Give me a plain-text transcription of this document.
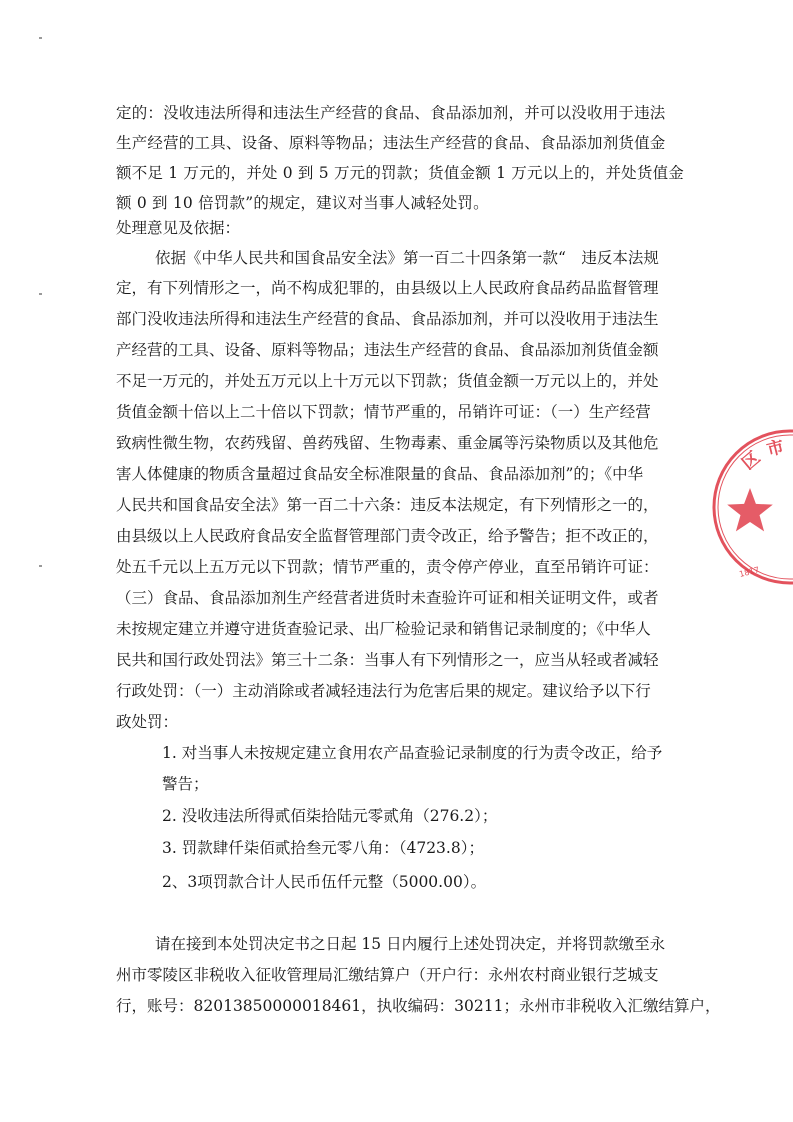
定的：没收违法所得和违法生产经营的食品、食品添加剂，并可以没收用于违法
生产经营的工具、设备、原料等物品；违法生产经营的食品、食品添加剂货值金
额不足 1 万元的，并处 0 到 5 万元的罚款；货值金额 1 万元以上的，并处货值金
额 0 到 10 倍罚款”的规定，建议对当事人减轻处罚。
处理意见及依据：
依据《中华人民共和国食品安全法》第一百二十四条第一款“　违反本法规
定，有下列情形之一，尚不构成犯罪的，由县级以上人民政府食品药品监督管理
部门没收违法所得和违法生产经营的食品、食品添加剂，并可以没收用于违法生
产经营的工具、设备、原料等物品；违法生产经营的食品、食品添加剂货值金额
不足一万元的，并处五万元以上十万元以下罚款；货值金额一万元以上的，并处
货值金额十倍以上二十倍以下罚款；情节严重的，吊销许可证：（一）生产经营
致病性微生物，农药残留、兽药残留、生物毒素、重金属等污染物质以及其他危
害人体健康的物质含量超过食品安全标准限量的食品、食品添加剂”的；《中华
人民共和国食品安全法》第一百二十六条：违反本法规定，有下列情形之一的，
由县级以上人民政府食品安全监督管理部门责令改正，给予警告；拒不改正的，
处五千元以上五万元以下罚款；情节严重的，责令停产停业，直至吊销许可证：
（三）食品、食品添加剂生产经营者进货时未查验许可证和相关证明文件，或者
未按规定建立并遵守进货查验记录、出厂检验记录和销售记录制度的；《中华人
民共和国行政处罚法》第三十二条：当事人有下列情形之一，应当从轻或者减轻
行政处罚：（一）主动消除或者减轻违法行为危害后果的规定。建议给予以下行
政处罚：
1. 对当事人未按规定建立食用农产品查验记录制度的行为责令改正，给予
警告；
2. 没收违法所得贰佰柒拾陆元零贰角（276.2）；
3. 罚款肆仟柒佰贰拾叁元零八角：（4723.8）；
2、3项罚款合计人民币伍仟元整（5000.00）。
请在接到本处罚决定书之日起 15 日内履行上述处罚决定，并将罚款缴至永
州市零陵区非税收入征收管理局汇缴结算户（开户行：永州农村商业银行芝城支
行，账号：82013850000018461，执收编码：30211；永州市非税收入汇缴结算户，
区 市
1817
